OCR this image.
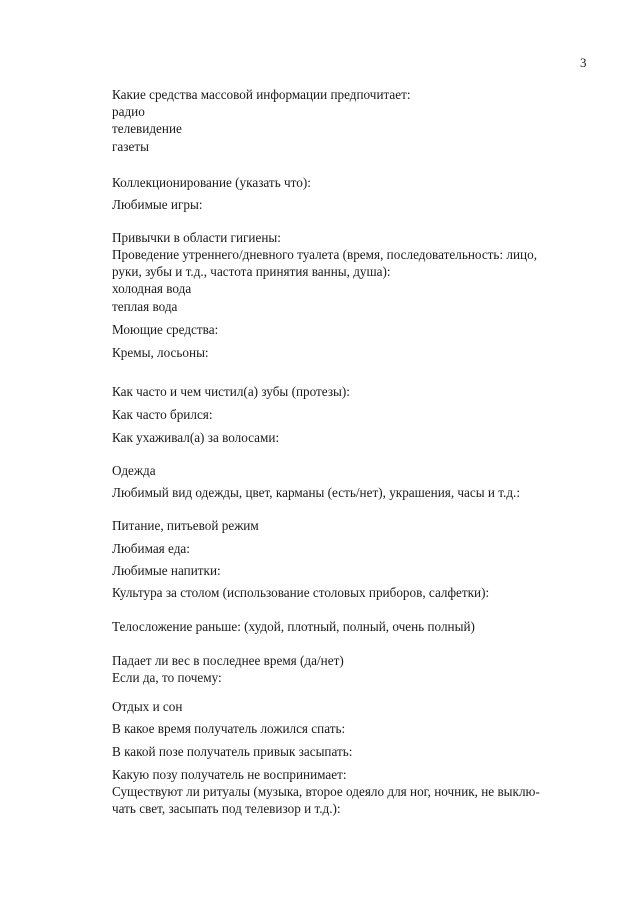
3
Какие средства массовой информации предпочитает:
радио
телевидение
газеты
Коллекционирование (указать что):
Любимые игры:
Привычки в области гигиены:
Проведение утреннего/дневного туалета (время, последовательность: лицо,
руки, зубы и т.д., частота принятия ванны, душа):
холодная вода
теплая вода
Моющие средства:
Кремы, лосьоны:
Как часто и чем чистил(а) зубы (протезы):
Как часто брился:
Как ухаживал(а) за волосами:
Одежда
Любимый вид одежды, цвет, карманы (есть/нет), украшения, часы и т.д.:
Питание, питьевой режим
Любимая еда:
Любимые напитки:
Культура за столом (использование столовых приборов, салфетки):
Телосложение раньше: (худой, плотный, полный, очень полный)
Падает ли вес в последнее время (да/нет)
Если да, то почему:
Отдых и сон
В какое время получатель ложился спать:
В какой позе получатель привык засыпать:
Какую позу получатель не воспринимает:
Существуют ли ритуалы (музыка, второе одеяло для ног, ночник, не выклю-
чать свет, засыпать под телевизор и т.д.):
